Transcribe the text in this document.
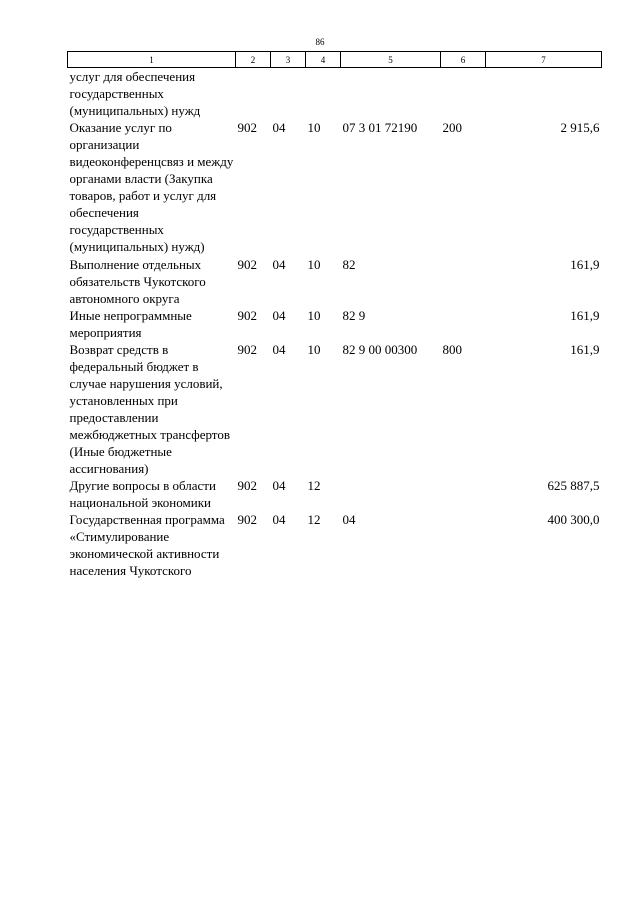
86
1	2	3	4	5	6	7
услуг для обеспечения государственных (муниципальных) нужд						
Оказание услуг по организации видеоконференцсвяз и между органами власти (Закупка товаров, работ и услуг для обеспечения государственных (муниципальных) нужд)	902	04	10	07 3 01 72190	200	2 915,6
Выполнение отдельных обязательств Чукотского автономного округа	902	04	10	82		161,9
Иные непрограммные мероприятия	902	04	10	82 9		161,9
Возврат средств в федеральный бюджет в случае нарушения условий, установленных при предоставлении межбюджетных трансфертов (Иные бюджетные ассигнования)	902	04	10	82 9 00 00300	800	161,9
Другие вопросы в области национальной экономики	902	04	12			625 887,5
Государственная программа «Стимулирование экономической активности населения Чукотского	902	04	12	04		400 300,0
